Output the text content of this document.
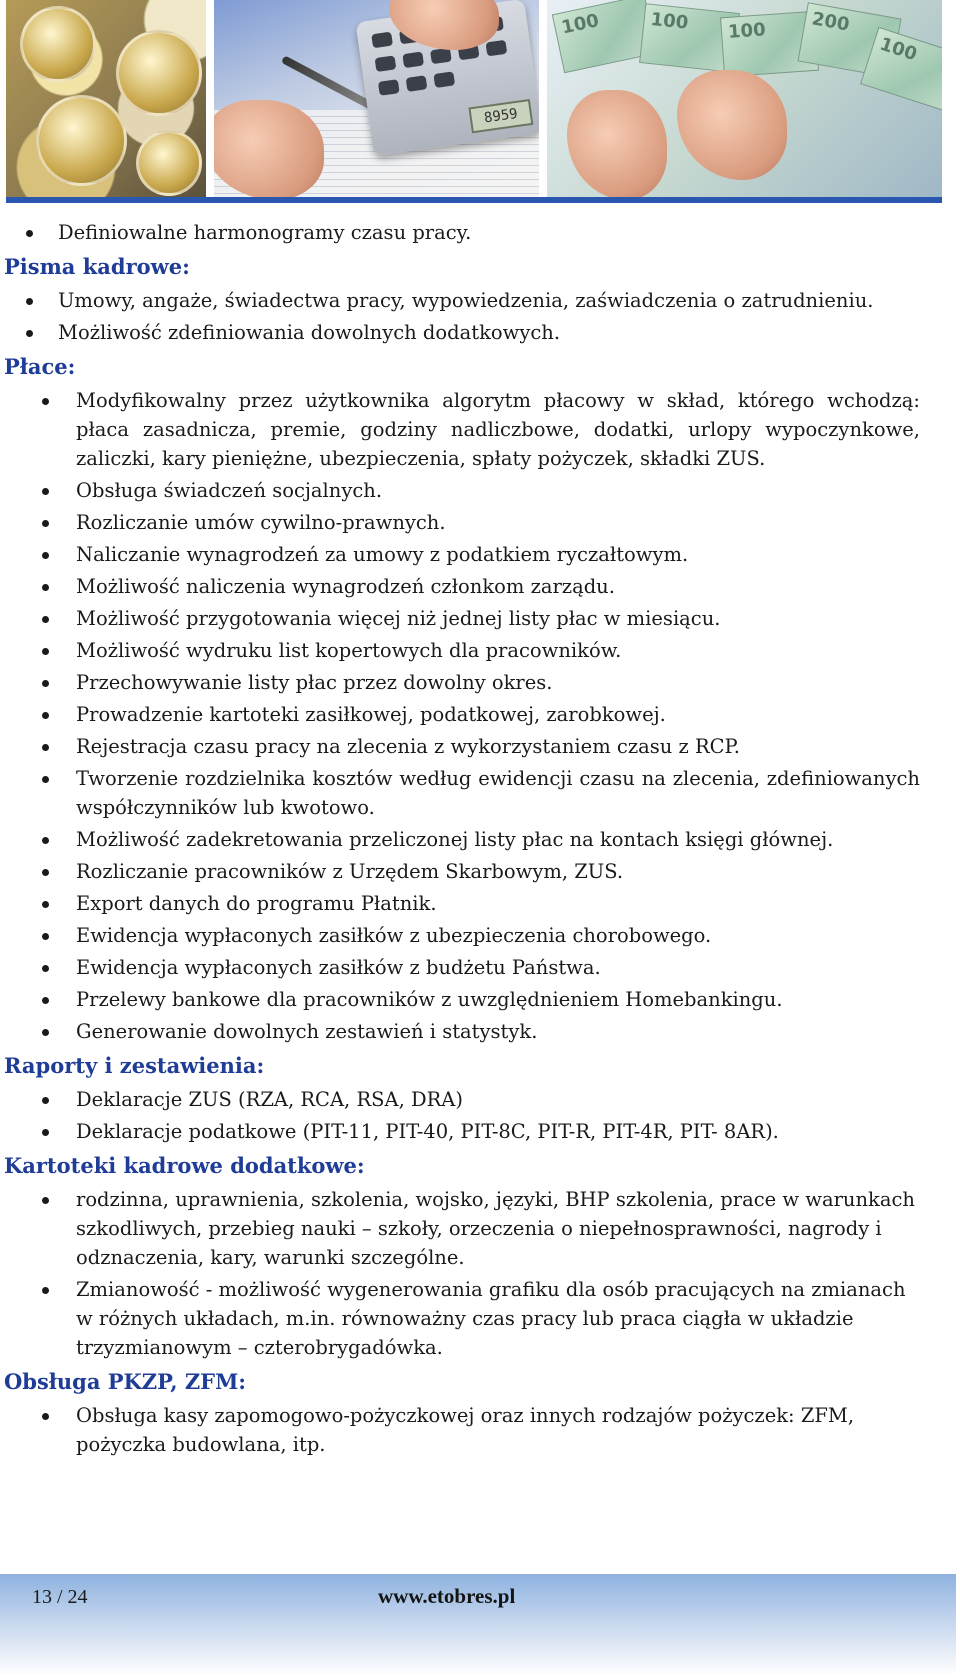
8959
100	100	100	200
100
Definiowalne harmonogramy czasu pracy.
Pisma kadrowe:
Umowy, angaże, świadectwa pracy, wypowiedzenia, zaświadczenia o zatrudnieniu.
Możliwość zdefiniowania dowolnych dodatkowych.
Płace:
Modyfikowalny przez użytkownika algorytm płacowy w skład, którego wchodzą: płaca zasadnicza, premie, godziny nadliczbowe, dodatki, urlopy wypoczynkowe, zaliczki, kary pieniężne, ubezpieczenia, spłaty pożyczek, składki ZUS.
Obsługa świadczeń socjalnych.
Rozliczanie umów cywilno-prawnych.
Naliczanie wynagrodzeń za umowy z podatkiem ryczałtowym.
Możliwość naliczenia wynagrodzeń członkom zarządu.
Możliwość przygotowania więcej niż jednej listy płac w miesiącu.
Możliwość wydruku list kopertowych dla pracowników.
Przechowywanie listy płac przez dowolny okres.
Prowadzenie kartoteki zasiłkowej, podatkowej, zarobkowej.
Rejestracja czasu pracy na zlecenia z wykorzystaniem czasu z RCP.
Tworzenie rozdzielnika kosztów według ewidencji czasu na zlecenia, zdefiniowanych współczynników lub kwotowo.
Możliwość zadekretowania przeliczonej listy płac na kontach księgi głównej.
Rozliczanie pracowników z Urzędem Skarbowym, ZUS.
Export danych do programu Płatnik.
Ewidencja wypłaconych zasiłków z ubezpieczenia chorobowego.
Ewidencja wypłaconych zasiłków z budżetu Państwa.
Przelewy bankowe dla pracowników z uwzględnieniem Homebankingu.
Generowanie dowolnych zestawień i statystyk.
Raporty i zestawienia:
Deklaracje ZUS (RZA, RCA, RSA, DRA)
Deklaracje podatkowe (PIT-11, PIT-40, PIT-8C, PIT-R, PIT-4R, PIT- 8AR).
Kartoteki kadrowe dodatkowe:
rodzinna, uprawnienia, szkolenia, wojsko, języki, BHP szkolenia, prace w warunkach szkodliwych, przebieg nauki – szkoły, orzeczenia o niepełnosprawności, nagrody i odznaczenia, kary, warunki szczególne.
Zmianowość - możliwość wygenerowania grafiku dla osób pracujących na zmianach w różnych układach, m.in. równoważny czas pracy lub praca ciągła w układzie trzyzmianowym – czterobrygadówka.
Obsługa PKZP, ZFM:
Obsługa kasy zapomogowo-pożyczkowej oraz innych rodzajów pożyczek: ZFM, pożyczka budowlana, itp.
13 / 24	www.etobres.pl
